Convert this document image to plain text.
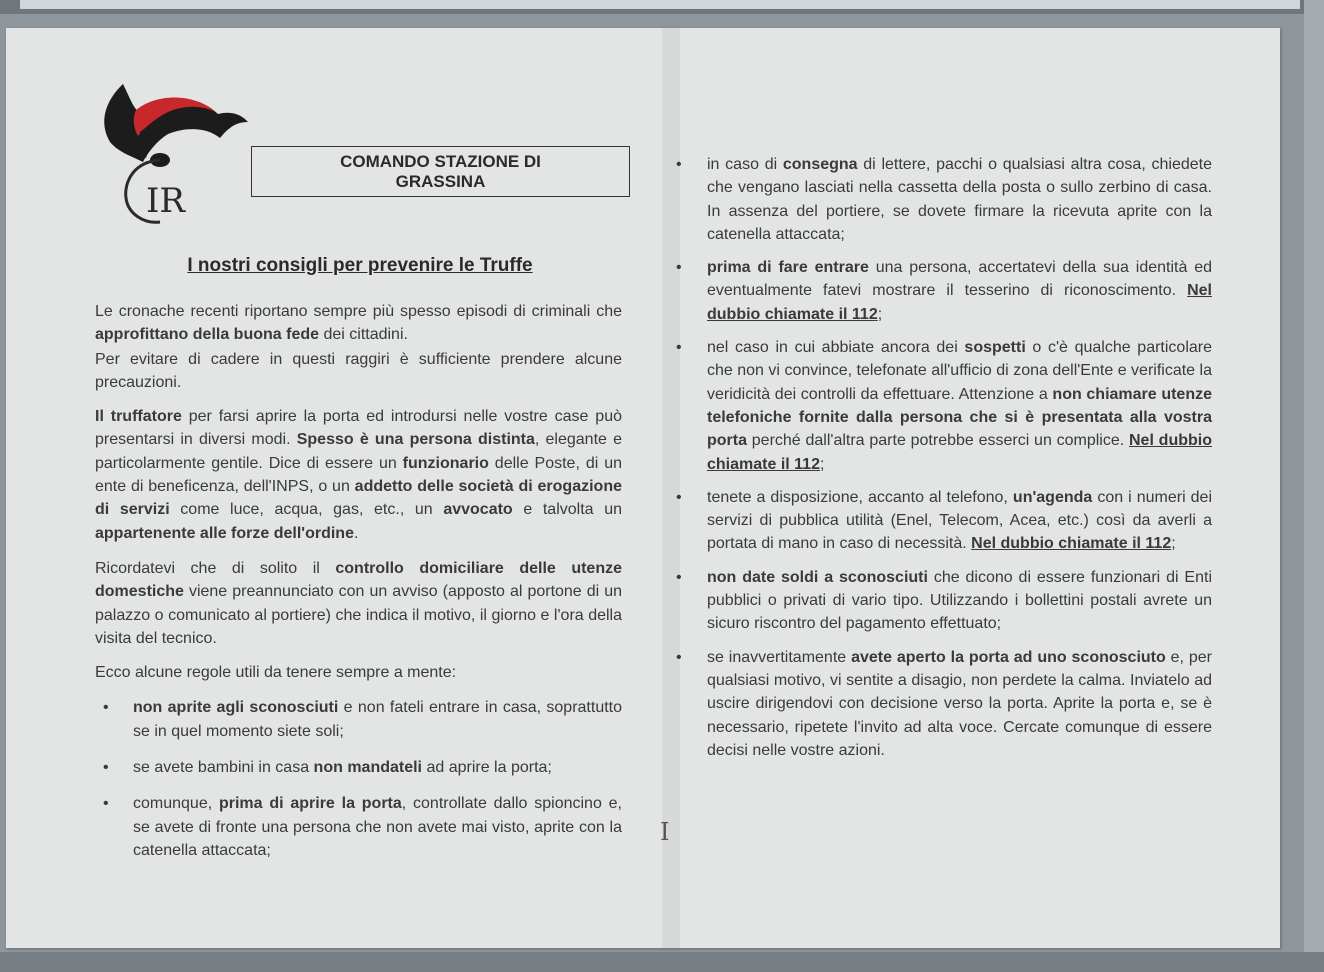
IR
COMANDO STAZIONE DI
GRASSINA
I nostri consigli per prevenire le Truffe
Le cronache recenti riportano sempre più spesso episodi di criminali che approfittano della buona fede dei cittadini.
Per evitare di cadere in questi raggiri è sufficiente prendere alcune precauzioni.
Il truffatore per farsi aprire la porta ed introdursi nelle vostre case può presentarsi in diversi modi. Spesso è una persona distinta, elegante e particolarmente gentile. Dice di essere un funzionario delle Poste, di un ente di beneficenza, dell'INPS, o un addetto delle società di erogazione di servizi come luce, acqua, gas, etc., un avvocato e talvolta un appartenente alle forze dell'ordine.
Ricordatevi che di solito il controllo domiciliare delle utenze domestiche viene preannunciato con un avviso (apposto al portone di un palazzo o comunicato al portiere) che indica il motivo, il giorno e l'ora della visita del tecnico.
Ecco alcune regole utili da tenere sempre a mente:
• non aprite agli sconosciuti e non fateli entrare in casa, soprattutto se in quel momento siete soli;
• se avete bambini in casa non mandateli ad aprire la porta;
• comunque, prima di aprire la porta, controllate dallo spioncino e, se avete di fronte una persona che non avete mai visto, aprite con la catenella attaccata;
• in caso di consegna di lettere, pacchi o qualsiasi altra cosa, chiedete che vengano lasciati nella cassetta della posta o sullo zerbino di casa. In assenza del portiere, se dovete firmare la ricevuta aprite con la catenella attaccata;
• prima di fare entrare una persona, accertatevi della sua identità ed eventualmente fatevi mostrare il tesserino di riconoscimento. Nel dubbio chiamate il 112;
• nel caso in cui abbiate ancora dei sospetti o c'è qualche particolare che non vi convince, telefonate all'ufficio di zona dell'Ente e verificate la veridicità dei controlli da effettuare. Attenzione a non chiamare utenze telefoniche fornite dalla persona che si è presentata alla vostra porta perché dall'altra parte potrebbe esserci un complice. Nel dubbio chiamate il 112;
• tenete a disposizione, accanto al telefono, un'agenda con i numeri dei servizi di pubblica utilità (Enel, Telecom, Acea, etc.) così da averli a portata di mano in caso di necessità. Nel dubbio chiamate il 112;
• non date soldi a sconosciuti che dicono di essere funzionari di Enti pubblici o privati di vario tipo. Utilizzando i bollettini postali avrete un sicuro riscontro del pagamento effettuato;
• se inavvertitamente avete aperto la porta ad uno sconosciuto e, per qualsiasi motivo, vi sentite a disagio, non perdete la calma. Inviatelo ad uscire dirigendovi con decisione verso la porta. Aprite la porta e, se è necessario, ripetete l'invito ad alta voce. Cercate comunque di essere decisi nelle vostre azioni.
I
